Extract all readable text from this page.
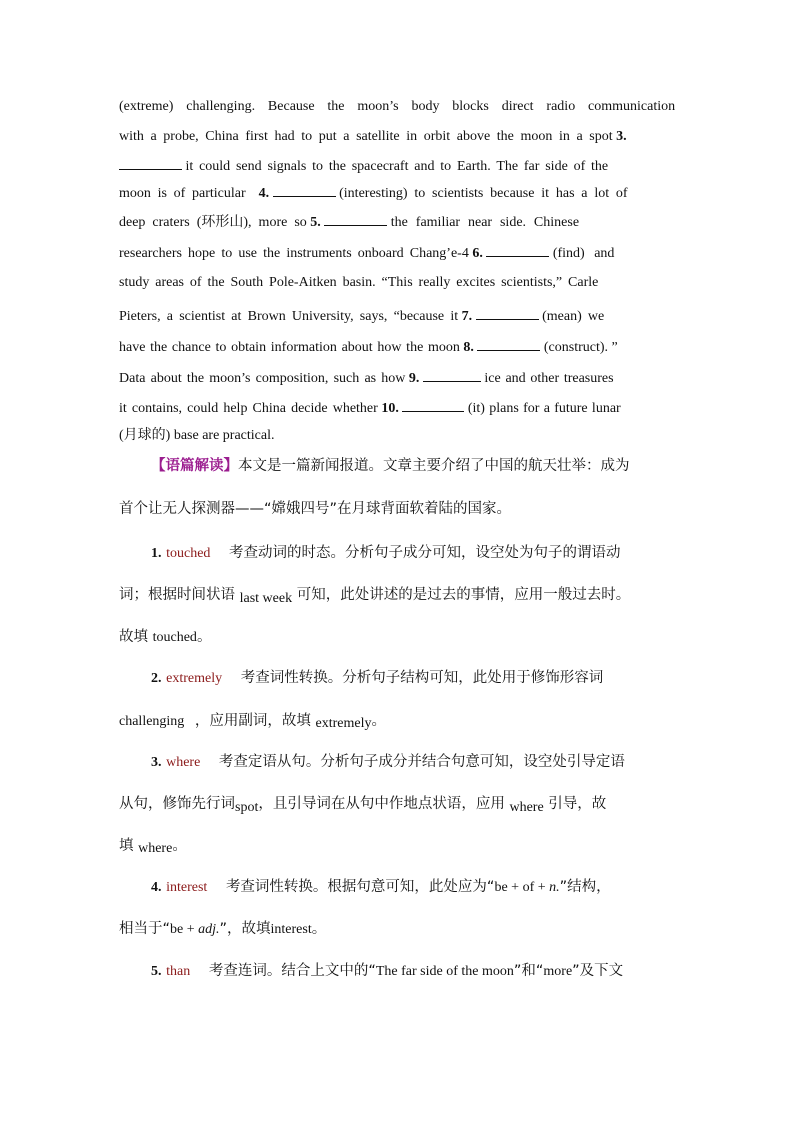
(extreme) challenging. Because the moon’s body blocks direct radio communication
with a probe, China first had to put a satellite in orbit above the moon in a spot 3.
it could send signals to the spacecraft and to Earth. The far side of the
moon is of particular 4.	(interesting) to scientists because it has a lot of
deep craters (环形山), more so 5.	the familiar near side. Chinese
researchers hope to use the instruments onboard Chang’e-4 6.	(find) and
study areas of the South Pole-Aitken basin. “This really excites scientists,” Carle
Pieters, a scientist at Brown University, says, “because it 7.	(mean) we
have the chance to obtain information about how the moon 8.	(construct). ”
Data about the moon’s composition, such as how 9.	ice and other treasures
it contains, could help China decide whether 10.	(it) plans for a future lunar
(月球的) base are practical.
【语篇解读】本文是一篇新闻报道。文章主要介绍了中国的航天壮举：成为
首个让无人探测器——“嫦娥四号”在月球背面软着陆的国家。
1. touched 考查动词的时态。分析句子成分可知，设空处为句子的谓语动
词；根据时间状语 last week 可知，此处讲述的是过去的事情，应用一般过去时。
故填 touched。
2. extremely 考查词性转换。分析句子结构可知，此处用于修饰形容词
challenging ，应用副词，故填 extremely。
3. where 考查定语从句。分析句子成分并结合句意可知，设空处引导定语
从句，修饰先行词spot，且引导词在从句中作地点状语，应用 where 引导，故
填 where。
4. interest 考查词性转换。根据句意可知，此处应为“be + of + n.”结构，
相当于“be + adj.”，故填interest。
5. than 考查连词。结合上文中的“The far side of the moon”和“more”及下文
